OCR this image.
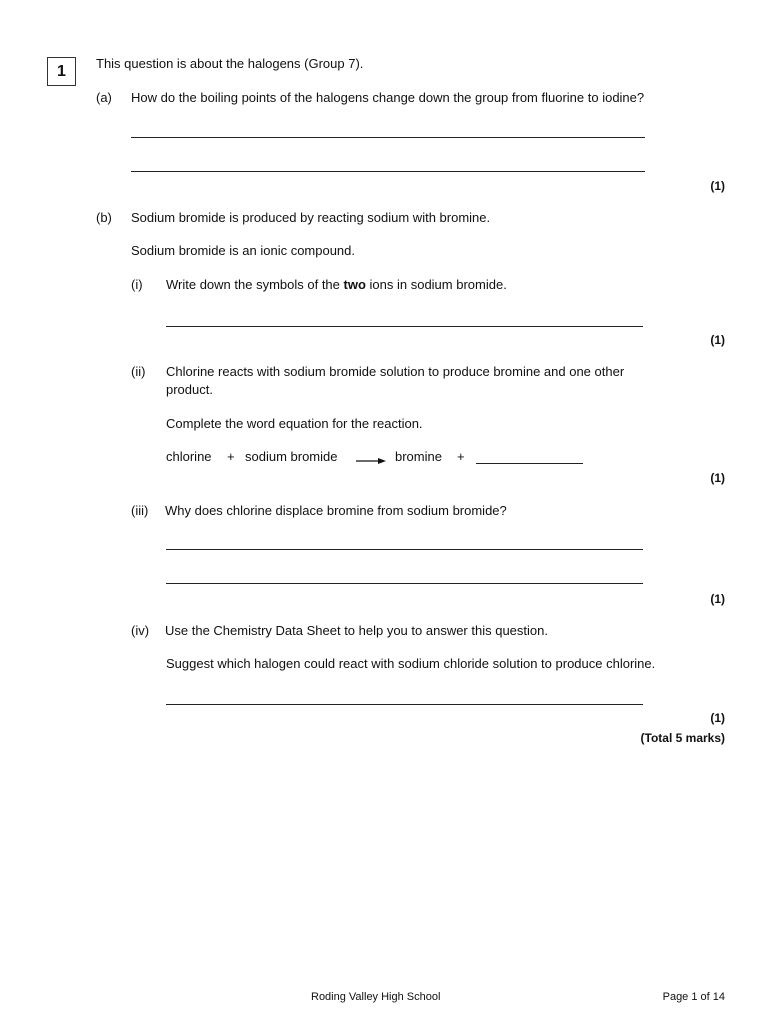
1	This question is about the halogens (Group 7).
(a) How do the boiling points of the halogens change down the group from fluorine to iodine?
(1)
(b) Sodium bromide is produced by reacting sodium with bromine.
Sodium bromide is an ionic compound.
(i) Write down the symbols of the two ions in sodium bromide.
(1)
(ii) Chlorine reacts with sodium bromide solution to produce bromine and one other
product.
Complete the word equation for the reaction.
chlorine + sodium bromide → bromine +
(1)
(iii) Why does chlorine displace bromine from sodium bromide?
(1)
(iv) Use the Chemistry Data Sheet to help you to answer this question.
Suggest which halogen could react with sodium chloride solution to produce chlorine.
(1)
(Total 5 marks)
Roding Valley High School	Page 1 of 14
